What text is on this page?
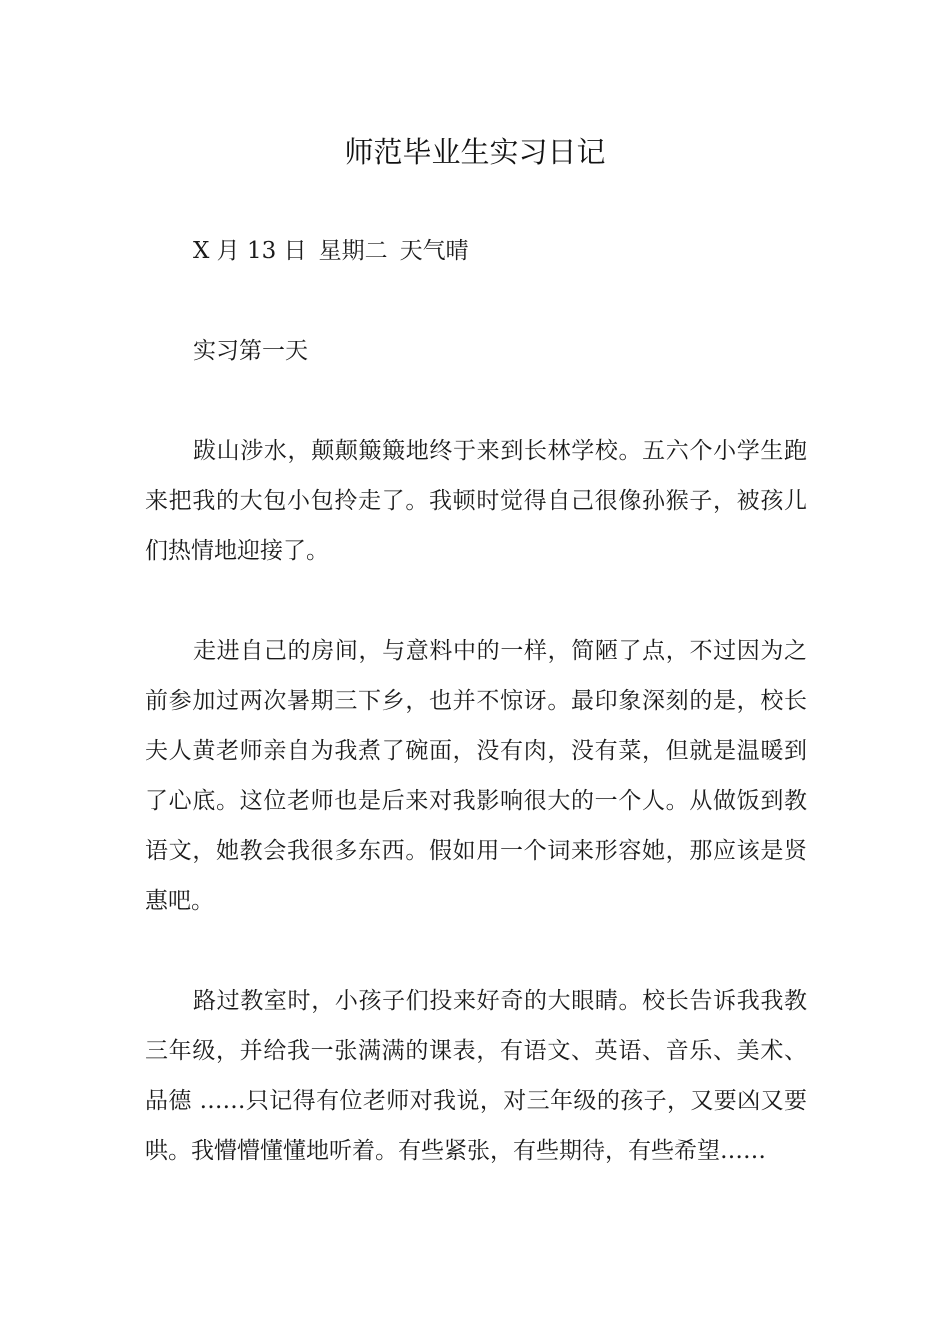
师范毕业生实习日记

X 月 13 日 星期二 天气晴

实习第一天

跋山涉水，颠颠簸簸地终于来到长林学校。五六个小学生跑来把我的大包小包拎走了。我顿时觉得自己很像孙猴子，被孩儿们热情地迎接了。

走进自己的房间，与意料中的一样，简陋了点，不过因为之前参加过两次暑期三下乡，也并不惊讶。最印象深刻的是，校长夫人黄老师亲自为我煮了碗面，没有肉，没有菜，但就是温暖到了心底。这位老师也是后来对我影响很大的一个人。从做饭到教语文，她教会我很多东西。假如用一个词来形容她，那应该是贤惠吧。

路过教室时，小孩子们投来好奇的大眼睛。校长告诉我我教三年级，并给我一张满满的课表，有语文、英语、音乐、美术、品德 ……只记得有位老师对我说，对三年级的孩子，又要凶又要哄。我懵懵懂懂地听着。有些紧张，有些期待，有些希望……
